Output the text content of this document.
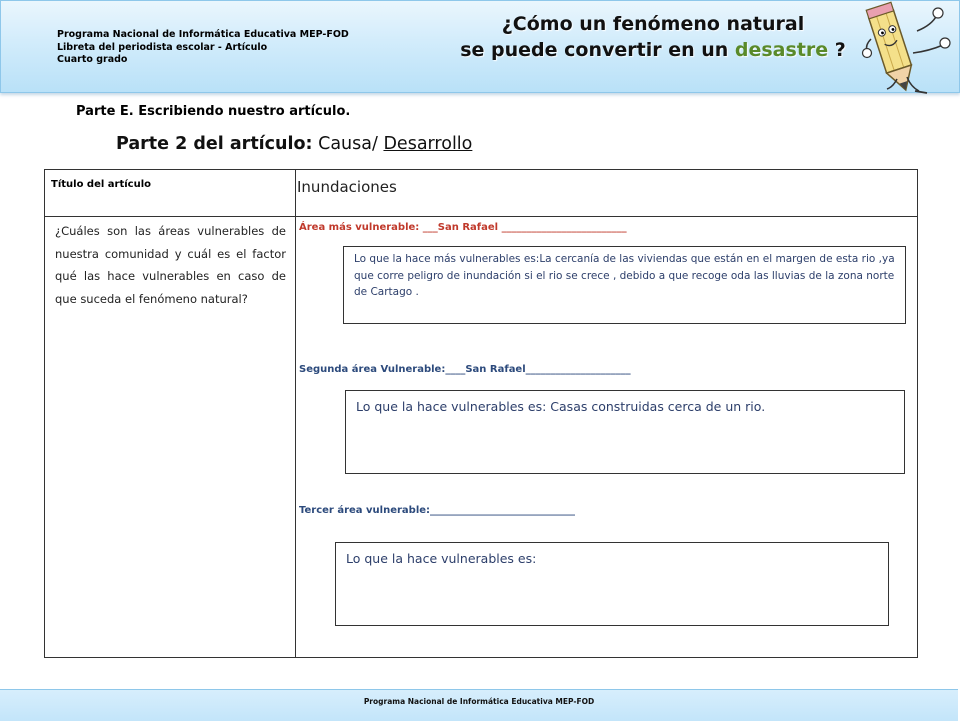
Programa Nacional de Informática Educativa MEP-FOD
Libreta del periodista escolar - Artículo
Cuarto grado
¿Cómo un fenómeno natural
se puede convertir en un desastre ?
Parte E. Escribiendo nuestro artículo.
Parte 2 del artículo: Causa/ Desarrollo
Título del artículo	Inundaciones
¿Cuáles son las áreas vulnerables de nuestra comunidad y cuál es el factor qué las hace vulnerables en caso de que suceda el fenómeno natural?
Área más vulnerable: ___San Rafael _________________________
Lo que la hace más vulnerables es:La cercanía de las viviendas que están en el margen de esta rio ,ya que corre peligro de inundación si el rio se crece , debido a que recoge oda las lluvias de la zona norte de Cartago .
Segunda área Vulnerable:____San Rafael_____________________
Lo que la hace vulnerables es: Casas construidas cerca de un rio.
Tercer área vulnerable:_____________________________
Lo que la hace vulnerables es:
Programa Nacional de Informática Educativa MEP-FOD
